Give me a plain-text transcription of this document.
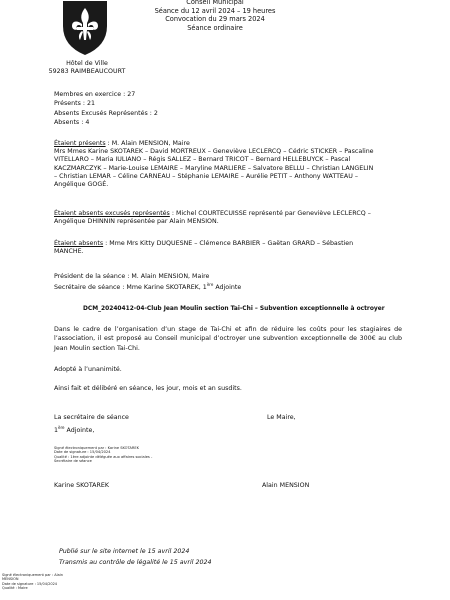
Conseil Municipal
Séance du 12 avril 2024 – 19 heures
Convocation du 29 mars 2024
Séance ordinaire
Hôtel de Ville
59283 RAIMBEAUCOURT
Membres en exercice : 27
Présents : 21
Absents Excusés Représentés : 2
Absents : 4
Étaient présents : M. Alain MENSION, Maire
Mrs Mmes Karine SKOTAREK – David MORTREUX – Geneviève LECLERCQ – Cédric STICKER – Pascaline
VITELLARO – Maria IULIANO – Régis SALLEZ – Bernard TRICOT – Bernard HELLEBUYCK – Pascal
KACZMARCZYK – Marie-Louise LEMAIRE – Maryline MARLIERE – Salvatore BELLU – Christian LANGELIN
– Christian LEMAR – Céline CARNEAU – Stéphanie LEMAIRE – Aurélie PETIT – Anthony WATTEAU –
Angélique GOGÉ.
Étaient absents excusés représentés : Michel COURTECUISSE représenté par Geneviève LECLERCQ –
Angélique DHINNIN représentée par Alain MENSION.
Étaient absents : Mme Mrs Kitty DUQUESNE – Clémence BARBIER – Gaëtan GRARD – Sébastien
MANCHE.
Président de la séance : M. Alain MENSION, Maire
Secrétaire de séance : Mme Karine SKOTAREK, 1ère Adjointe
DCM_20240412-04-Club Jean Moulin section Tai-Chi – Subvention exceptionnelle à octroyer
Dans le cadre de l’organisation d’un stage de Tai-Chi et afin de réduire les coûts pour les stagiaires de l’association, il est proposé au Conseil municipal d’octroyer une subvention exceptionnelle de 300€ au club Jean Moulin section Tai-Chi.
Adopté à l’unanimité.
Ainsi fait et délibéré en séance, les jour, mois et an susdits.
La secrétaire de séance
1ère Adjointe,
Le Maire,
Signé électroniquement par : Karine SKOTAREK
Date de signature : 15/04/2024
Qualité : 1ère adjointe déléguée aux affaires sociales -
Secrétaire de séance
Karine SKOTAREK	Alain MENSION
Publié sur le site internet le 15 avril 2024
Transmis au contrôle de légalité le 15 avril 2024
Signé électroniquement par : Alain
MENSION
Date de signature : 15/04/2024
Qualité : Maire
